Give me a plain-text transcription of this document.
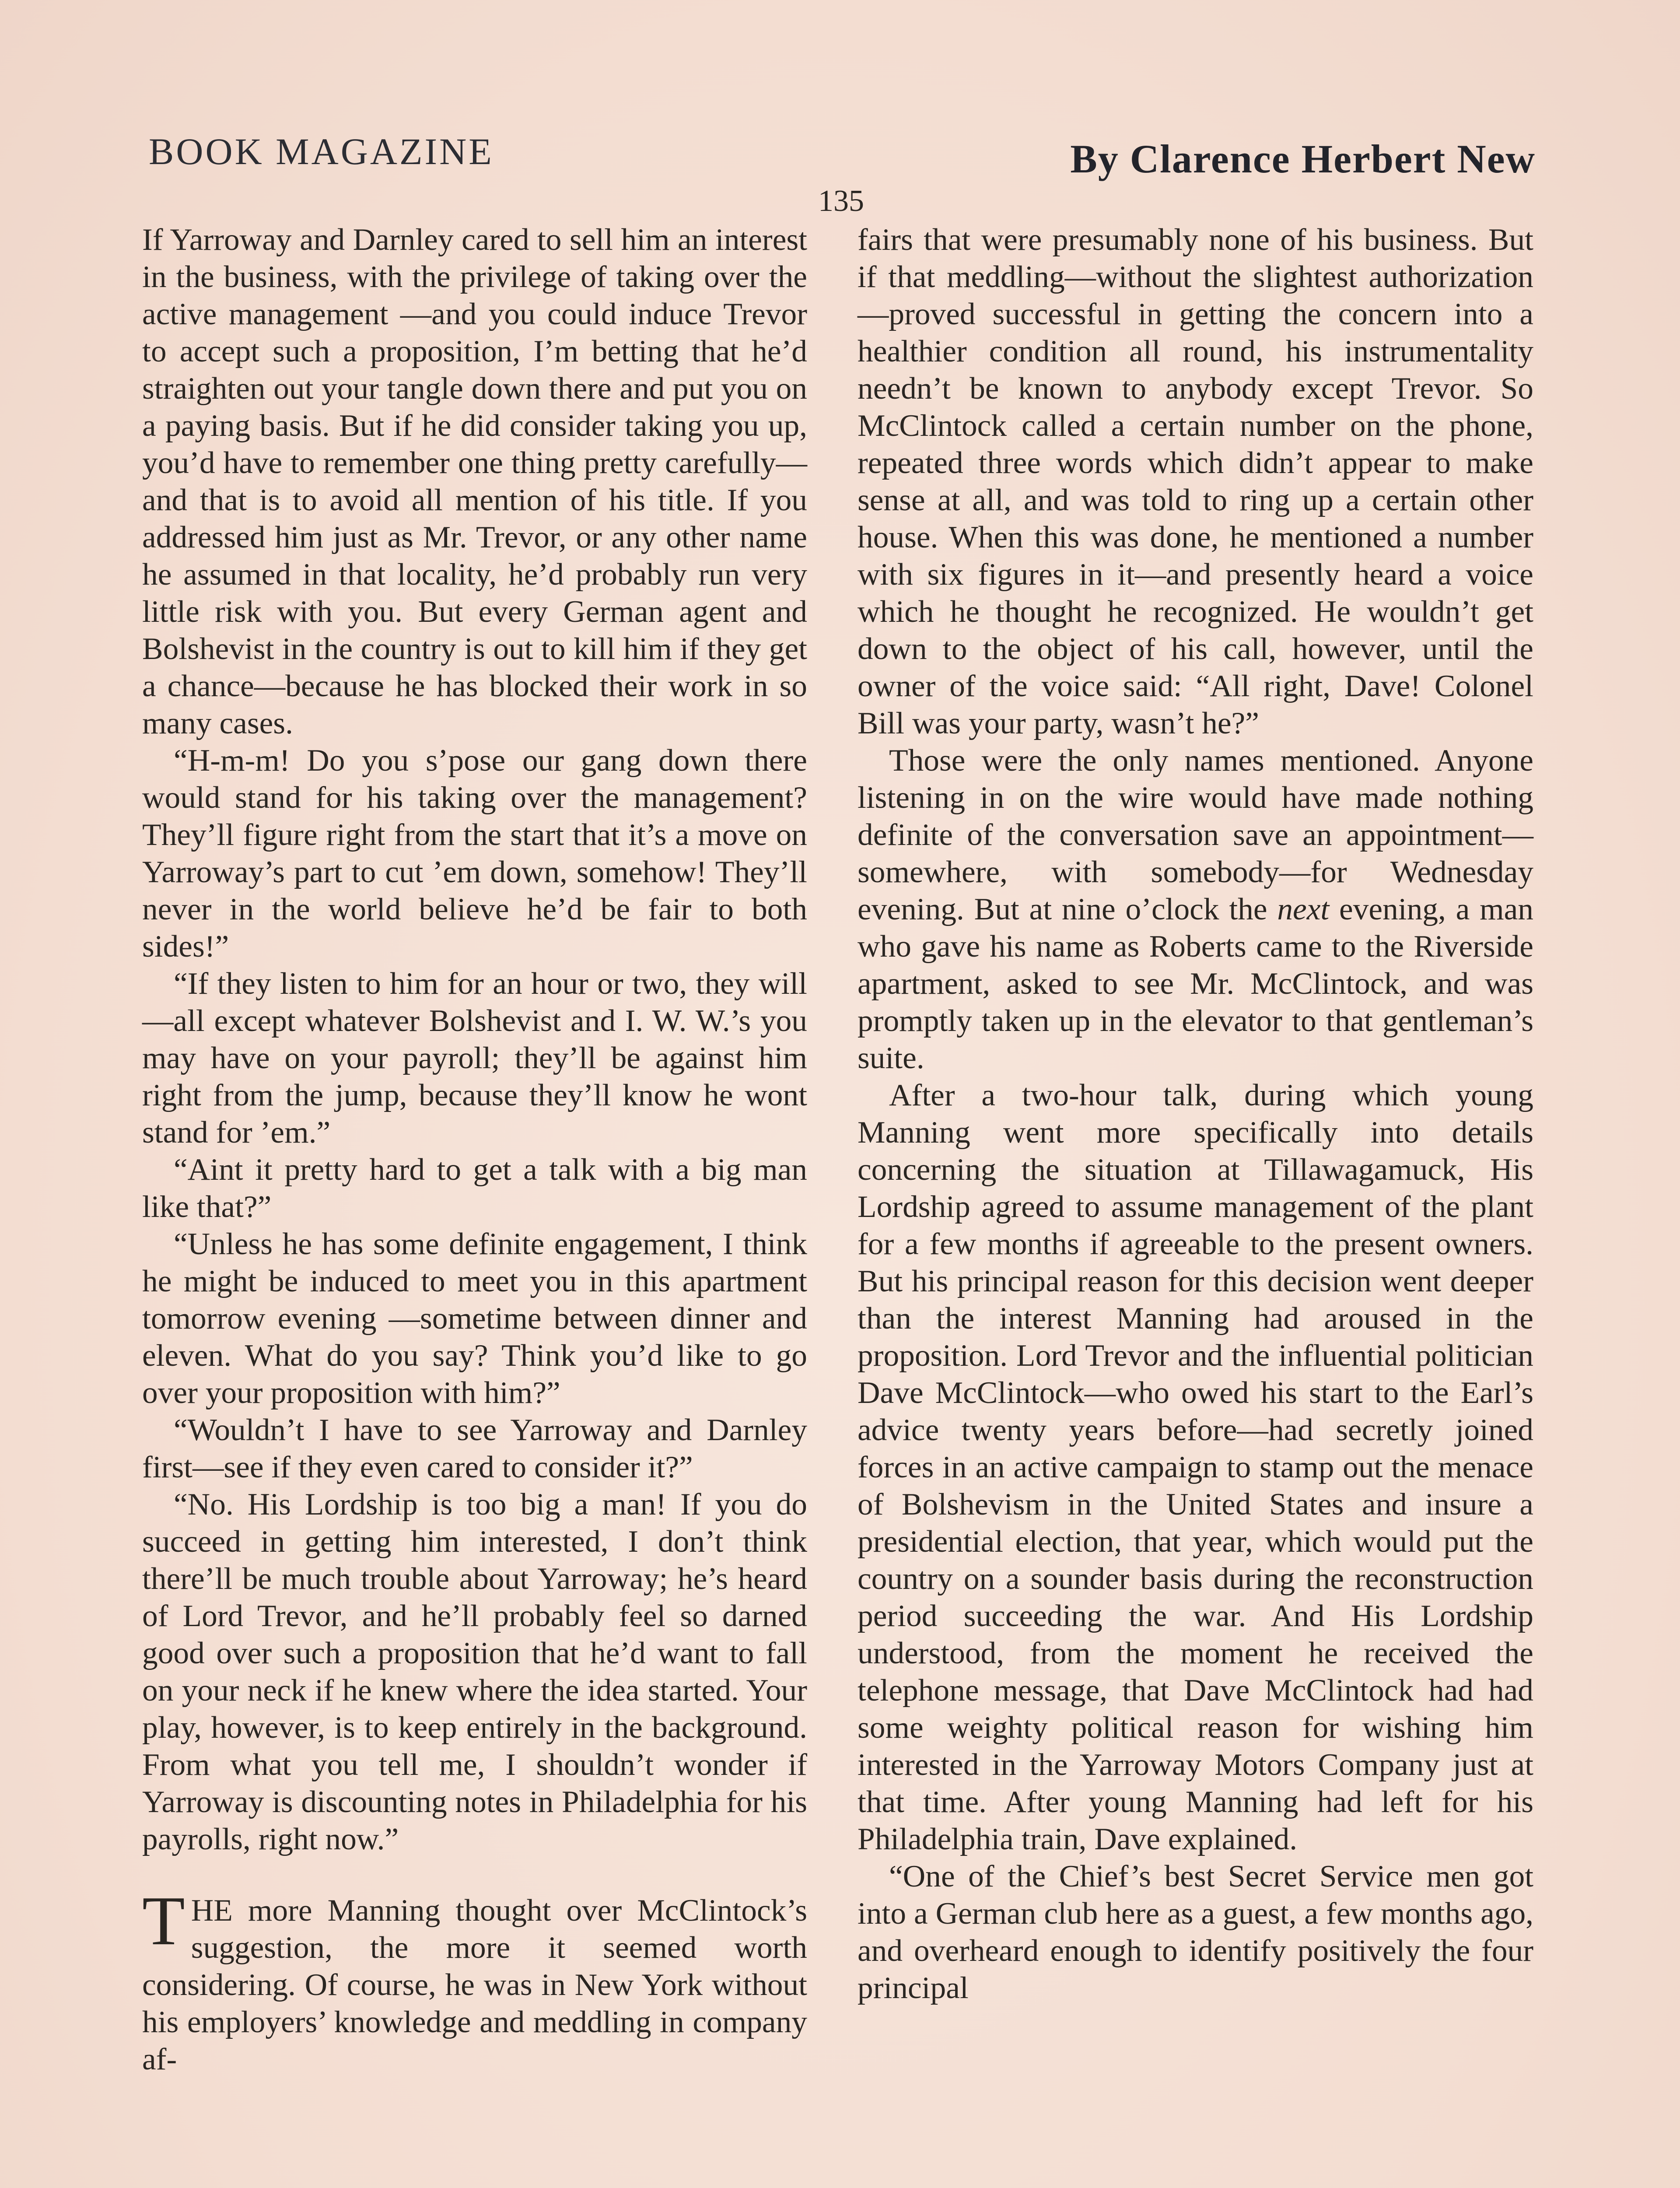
BOOK MAGAZINE	By Clarence Herbert New
135

If Yarroway and Darnley cared to sell him an interest in the business, with the privilege of taking over the active management —and you could induce Trevor to accept such a proposition, I’m betting that he’d straighten out your tangle down there and put you on a paying basis. But if he did consider taking you up, you’d have to remember one thing pretty carefully—and that is to avoid all mention of his title. If you addressed him just as Mr. Trevor, or any other name he assumed in that locality, he’d probably run very little risk with you. But every German agent and Bolshevist in the country is out to kill him if they get a chance—because he has blocked their work in so many cases.

“H-m-m! Do you s’pose our gang down there would stand for his taking over the management? They’ll figure right from the start that it’s a move on Yarroway’s part to cut ’em down, somehow! They’ll never in the world believe he’d be fair to both sides!”

“If they listen to him for an hour or two, they will—all except whatever Bolshevist and I. W. W.’s you may have on your payroll; they’ll be against him right from the jump, because they’ll know he wont stand for ’em.”

“Aint it pretty hard to get a talk with a big man like that?”

“Unless he has some definite engagement, I think he might be induced to meet you in this apartment tomorrow evening —sometime between dinner and eleven. What do you say? Think you’d like to go over your proposition with him?”

“Wouldn’t I have to see Yarroway and Darnley first—see if they even cared to consider it?”

“No. His Lordship is too big a man! If you do succeed in getting him interested, I don’t think there’ll be much trouble about Yarroway; he’s heard of Lord Trevor, and he’ll probably feel so darned good over such a proposition that he’d want to fall on your neck if he knew where the idea started. Your play, however, is to keep entirely in the background. From what you tell me, I shouldn’t wonder if Yarroway is discounting notes in Philadelphia for his payrolls, right now.”

THE more Manning thought over McClintock’s suggestion, the more it seemed worth considering. Of course, he was in New York without his employers’ knowledge and meddling in company af-

fairs that were presumably none of his business. But if that meddling—without the slightest authorization—proved successful in getting the concern into a healthier condition all round, his instrumentality needn’t be known to anybody except Trevor. So McClintock called a certain number on the phone, repeated three words which didn’t appear to make sense at all, and was told to ring up a certain other house. When this was done, he mentioned a number with six figures in it—and presently heard a voice which he thought he recognized. He wouldn’t get down to the object of his call, however, until the owner of the voice said: “All right, Dave! Colonel Bill was your party, wasn’t he?”

Those were the only names mentioned. Anyone listening in on the wire would have made nothing definite of the conversation save an appointment—somewhere, with somebody—for Wednesday evening. But at nine o’clock the next evening, a man who gave his name as Roberts came to the Riverside apartment, asked to see Mr. McClintock, and was promptly taken up in the elevator to that gentleman’s suite.

After a two-hour talk, during which young Manning went more specifically into details concerning the situation at Tillawagamuck, His Lordship agreed to assume management of the plant for a few months if agreeable to the present owners. But his principal reason for this decision went deeper than the interest Manning had aroused in the proposition. Lord Trevor and the influential politician Dave McClintock—who owed his start to the Earl’s advice twenty years before—had secretly joined forces in an active campaign to stamp out the menace of Bolshevism in the United States and insure a presidential election, that year, which would put the country on a sounder basis during the reconstruction period succeeding the war. And His Lordship understood, from the moment he received the telephone message, that Dave McClintock had had some weighty political reason for wishing him interested in the Yarroway Motors Company just at that time. After young Manning had left for his Philadelphia train, Dave explained.

“One of the Chief’s best Secret Service men got into a German club here as a guest, a few months ago, and overheard enough to identify positively the four principal
